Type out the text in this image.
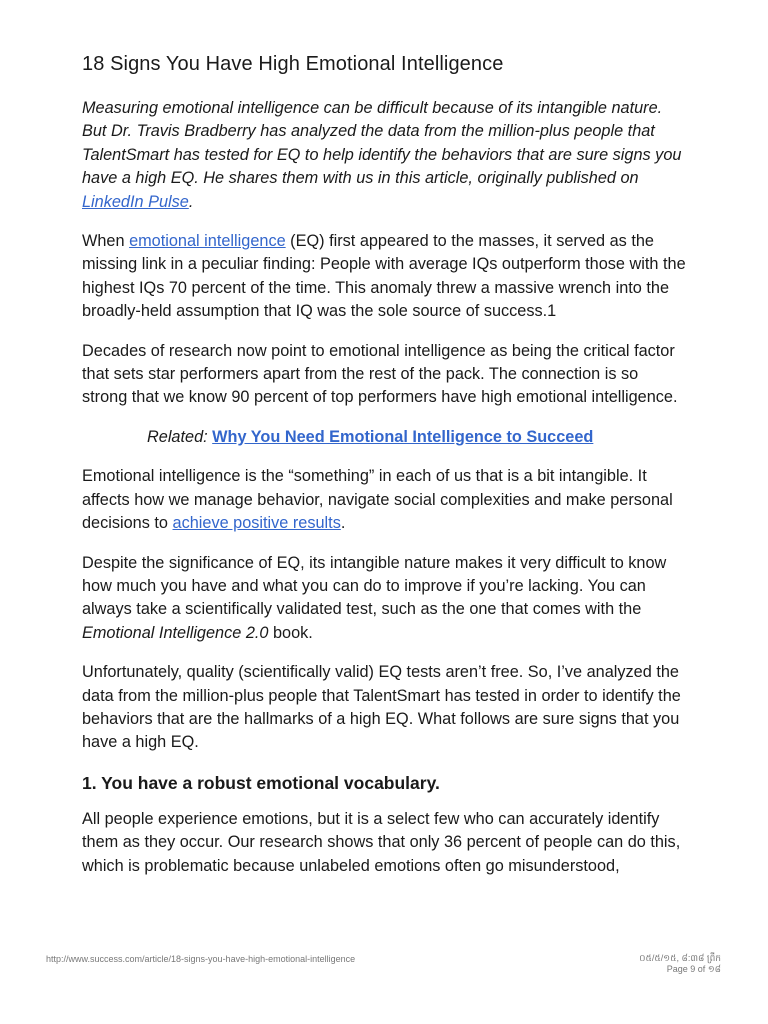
18 Signs You Have High Emotional Intelligence

Measuring emotional intelligence can be difficult because of its intangible nature. But Dr. Travis Bradberry has analyzed the data from the million-plus people that TalentSmart has tested for EQ to help identify the behaviors that are sure signs you have a high EQ. He shares them with us in this article, originally published on LinkedIn Pulse.

When emotional intelligence (EQ) first appeared to the masses, it served as the missing link in a peculiar finding: People with average IQs outperform those with the highest IQs 70 percent of the time. This anomaly threw a massive wrench into the broadly-held assumption that IQ was the sole source of success.1

Decades of research now point to emotional intelligence as being the critical factor that sets star performers apart from the rest of the pack. The connection is so strong that we know 90 percent of top performers have high emotional intelligence.

Related: Why You Need Emotional Intelligence to Succeed

Emotional intelligence is the “something” in each of us that is a bit intangible. It affects how we manage behavior, navigate social complexities and make personal decisions to achieve positive results.

Despite the significance of EQ, its intangible nature makes it very difficult to know how much you have and what you can do to improve if you’re lacking. You can always take a scientifically validated test, such as the one that comes with the Emotional Intelligence 2.0 book.

Unfortunately, quality (scientifically valid) EQ tests aren’t free. So, I’ve analyzed the data from the million-plus people that TalentSmart has tested in order to identify the behaviors that are the hallmarks of a high EQ. What follows are sure signs that you have a high EQ.

1. You have a robust emotional vocabulary.

All people experience emotions, but it is a select few who can accurately identify them as they occur. Our research shows that only 36 percent of people can do this, which is problematic because unlabeled emotions often go misunderstood,

http://www.success.com/article/18-signs-you-have-high-emotional-intelligence	០៥/៥/១៥, ៨:៣៨ ព្រឹក
Page 9 of ១៨
